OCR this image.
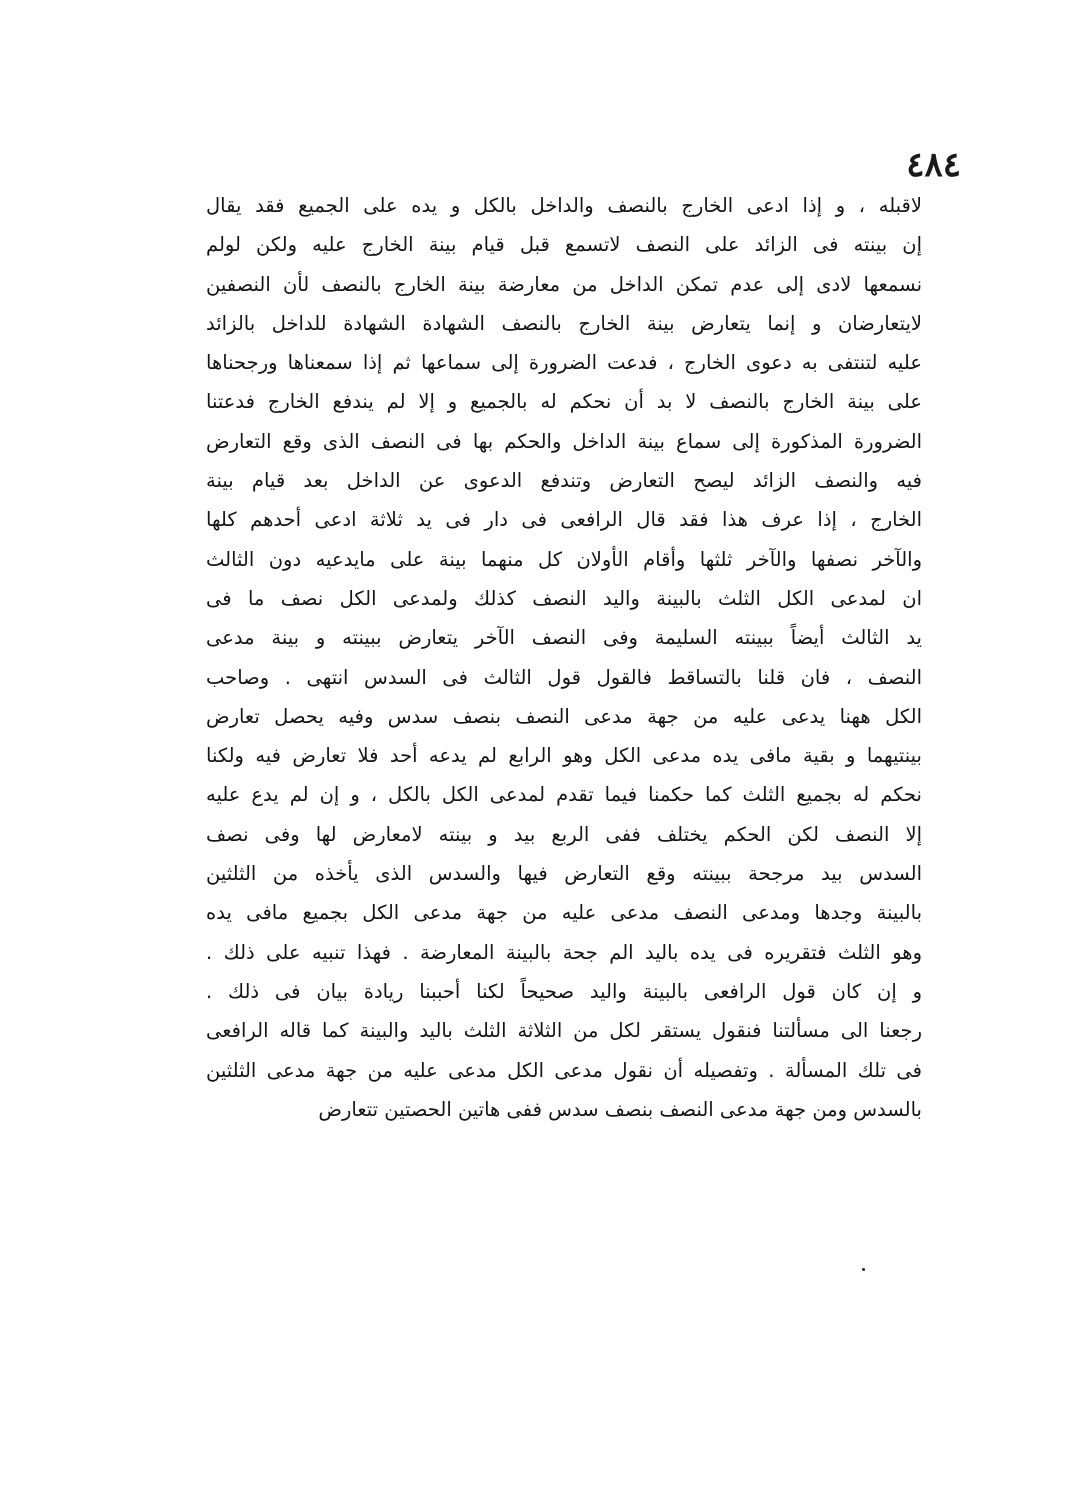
٤٨٤
لاقبله ، و إذا ادعى الخارج بالنصف والداخل بالكل و يده على الجميع فقد يقال
إن بينته فى الزائد على النصف لاتسمع قبل قيام بينة الخارج عليه ولكن لولم
نسمعها لادى إلى عدم تمكن الداخل من معارضة بينة الخارج بالنصف لأن النصفين
لايتعارضان و إنما يتعارض بينة الخارج بالنصف الشهادة الشهادة للداخل بالزائد
عليه لتنتفى به دعوى الخارج ، فدعت الضرورة إلى سماعها ثم إذا سمعناها ورجحناها
على بينة الخارج بالنصف لا بد أن نحكم له بالجميع و إلا لم يندفع الخارج فدعتنا
الضرورة المذكورة إلى سماع بينة الداخل والحكم بها فى النصف الذى وقع التعارض
فيه والنصف الزائد ليصح التعارض وتندفع الدعوى عن الداخل بعد قيام بينة
الخارج ، إذا عرف هذا فقد قال الرافعى فى دار فى يد ثلاثة ادعى أحدهم كلها
والآخر نصفها والآخر ثلثها وأقام الأولان كل منهما بينة على مايدعيه دون الثالث
ان لمدعى الكل الثلث بالبينة واليد النصف كذلك ولمدعى الكل نصف ما فى
يد الثالث أيضاً ببينته السليمة وفى النصف الآخر يتعارض ببينته و بينة مدعى
النصف ، فان قلنا بالتساقط فالقول قول الثالث فى السدس انتهى . وصاحب
الكل ههنا يدعى عليه من جهة مدعى النصف بنصف سدس وفيه يحصل تعارض
بينتيهما و بقية مافى يده مدعى الكل وهو الرابع لم يدعه أحد فلا تعارض فيه ولكنا
نحكم له بجميع الثلث كما حكمنا فيما تقدم لمدعى الكل بالكل ، و إن لم يدع عليه
إلا النصف لكن الحكم يختلف ففى الربع بيد و بينته لامعارض لها وفى نصف
السدس بيد مرجحة ببينته وقع التعارض فيها والسدس الذى يأخذه من الثلثين
بالبينة وجدها ومدعى النصف مدعى عليه من جهة مدعى الكل بجميع مافى يده
وهو الثلث فتقريره فى يده باليد الم جحة بالبينة المعارضة . فهذا تنبيه على ذلك .
و إن كان قول الرافعى بالبينة واليد صحيحاً لكنا أحببنا ريادة بيان فى ذلك .
رجعنا الى مسألتنا فنقول يستقر لكل من الثلاثة الثلث باليد والبينة كما قاله الرافعى
فى تلك المسألة . وتفصيله أن نقول مدعى الكل مدعى عليه من جهة مدعى الثلثين
بالسدس ومن جهة مدعى النصف بنصف سدس ففى هاتين الحصتين تتعارض
